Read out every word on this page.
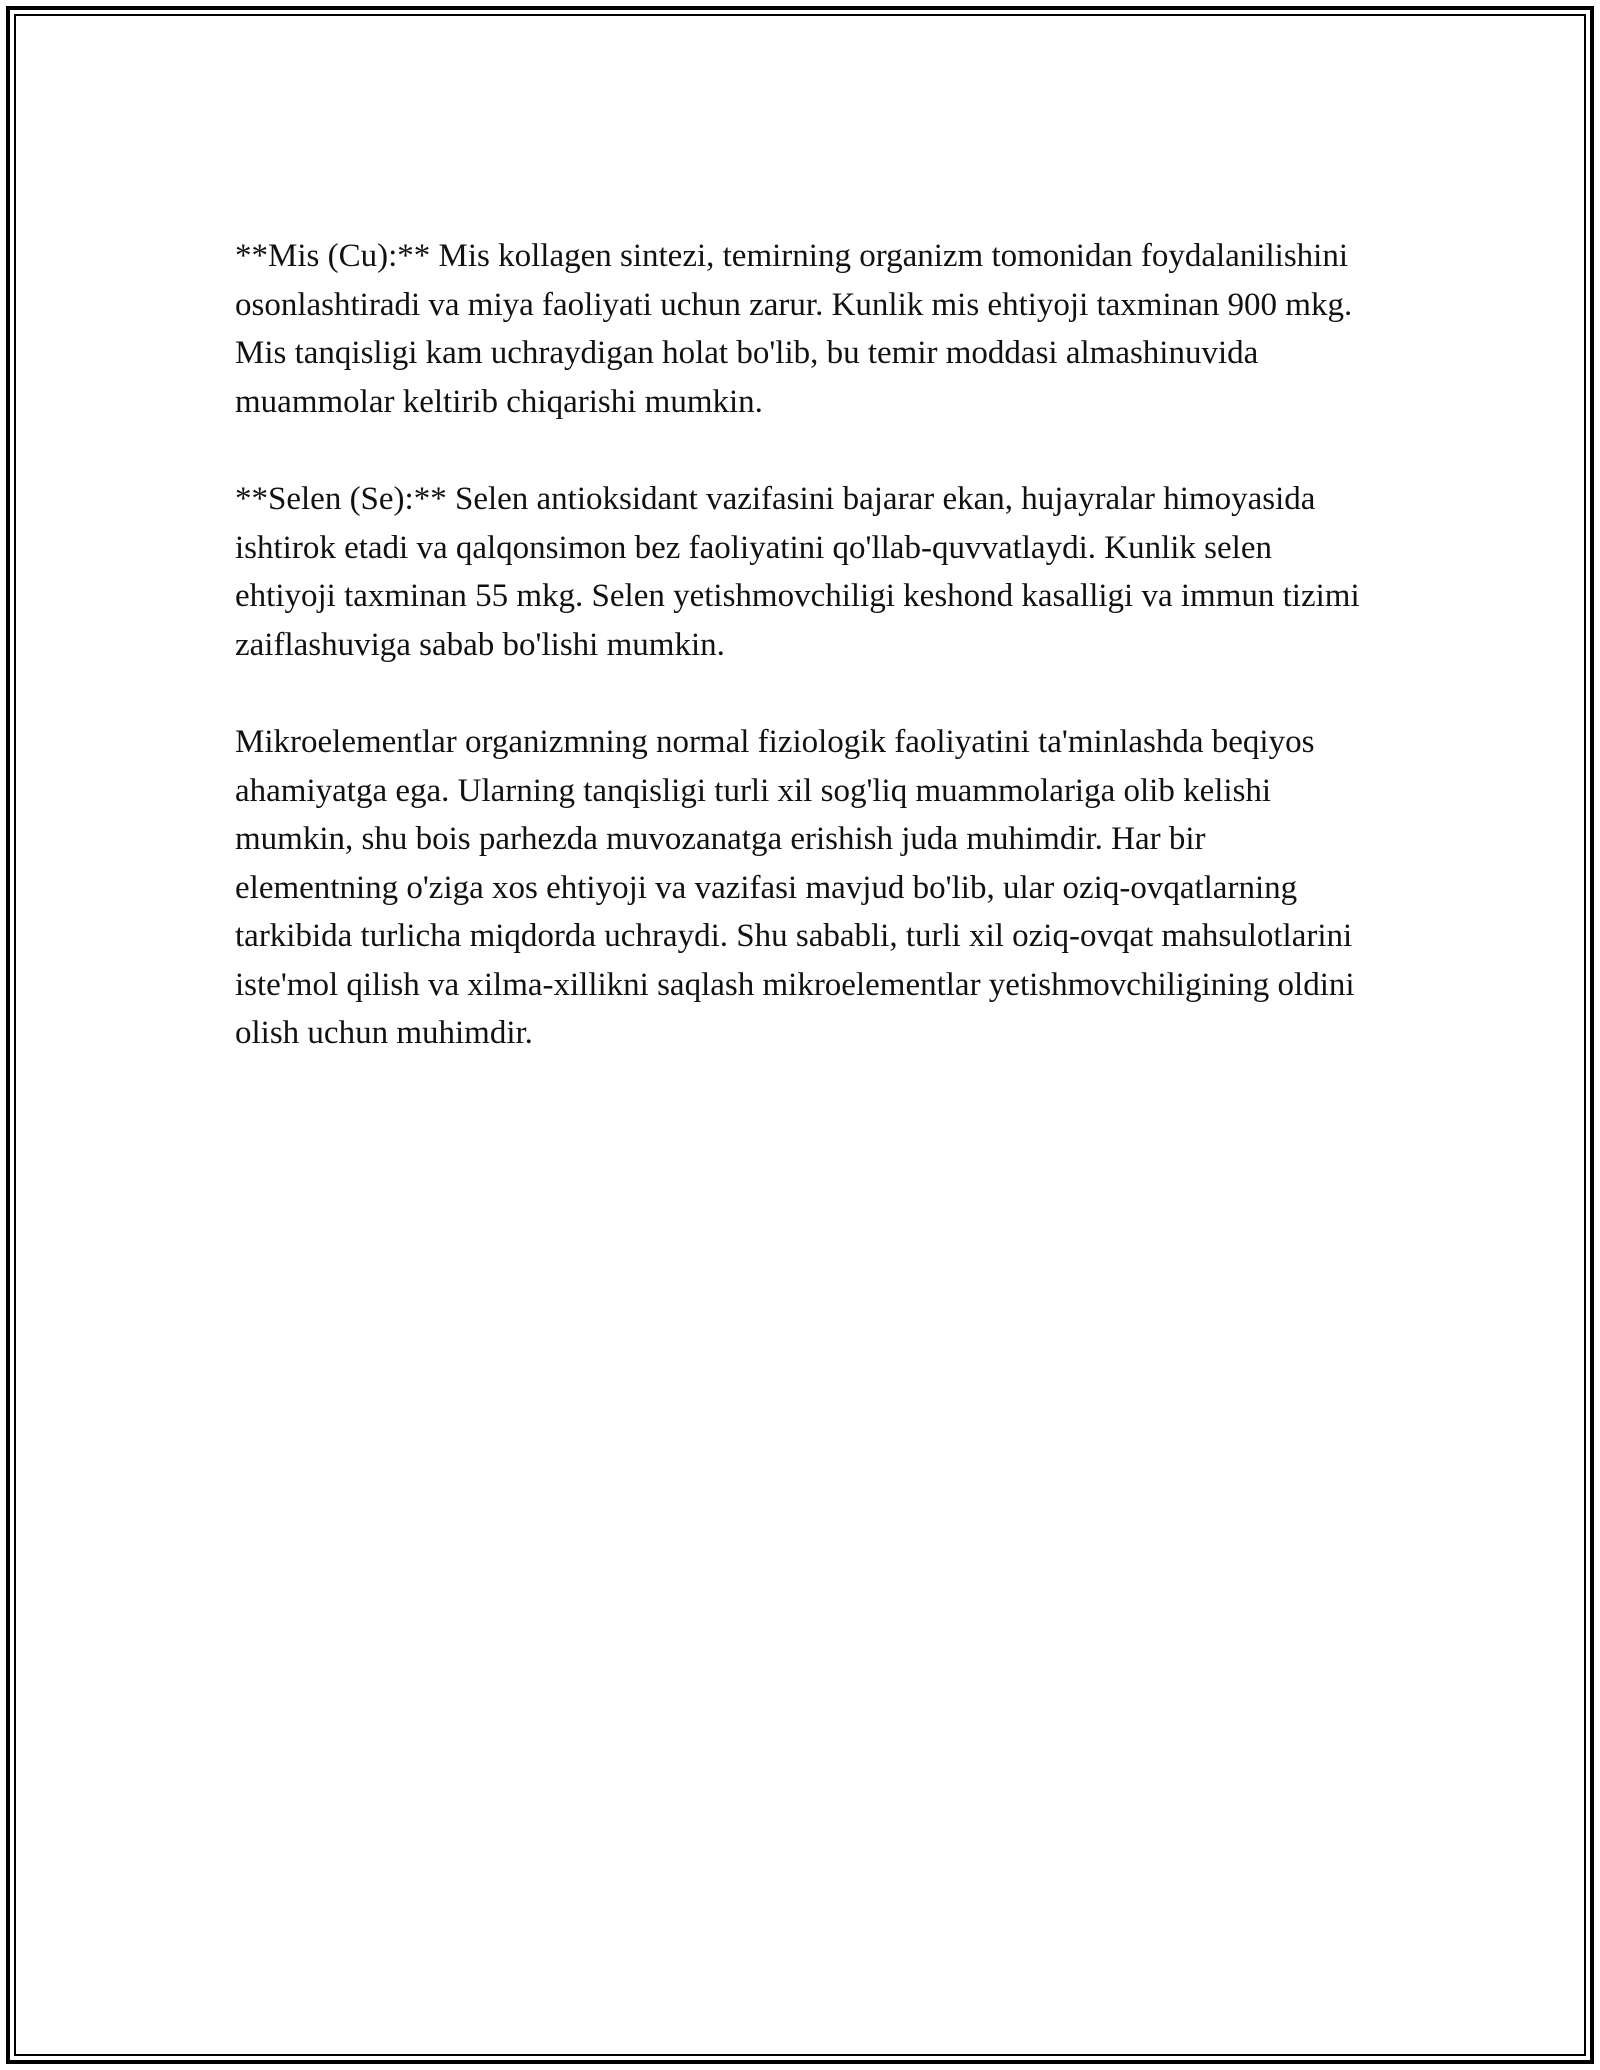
**Mis (Cu):** Mis kollagen sintezi, temirning organizm tomonidan foydalanilishini osonlashtiradi va miya faoliyati uchun zarur. Kunlik mis ehtiyoji taxminan 900 mkg. Mis tanqisligi kam uchraydigan holat bo'lib, bu temir moddasi almashinuvida muammolar keltirib chiqarishi mumkin.

**Selen (Se):** Selen antioksidant vazifasini bajarar ekan, hujayralar himoyasida ishtirok etadi va qalqonsimon bez faoliyatini qo'llab-quvvatlaydi. Kunlik selen ehtiyoji taxminan 55 mkg. Selen yetishmovchiligi keshond kasalligi va immun tizimi zaiflashuviga sabab bo'lishi mumkin.

Mikroelementlar organizmning normal fiziologik faoliyatini ta'minlashda beqiyos ahamiyatga ega. Ularning tanqisligi turli xil sog'liq muammolariga olib kelishi mumkin, shu bois parhezda muvozanatga erishish juda muhimdir. Har bir elementning o'ziga xos ehtiyoji va vazifasi mavjud bo'lib, ular oziq-ovqatlarning tarkibida turlicha miqdorda uchraydi. Shu sababli, turli xil oziq-ovqat mahsulotlarini iste'mol qilish va xilma-xillikni saqlash mikroelementlar yetishmovchiligining oldini olish uchun muhimdir.
